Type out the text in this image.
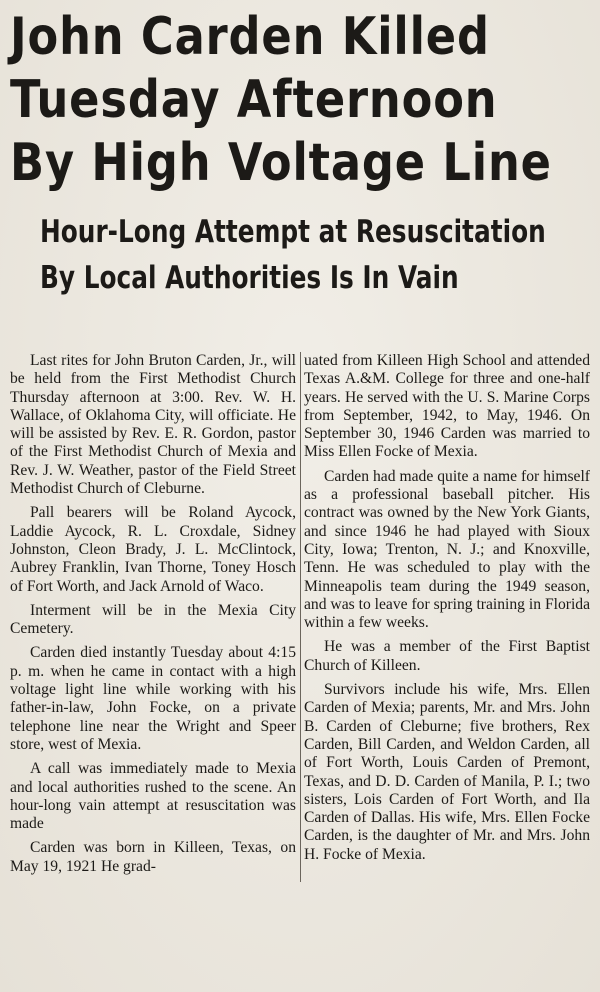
John Carden Killed
Tuesday Afternoon
By High Voltage Line
Hour-Long Attempt at Resuscitation
By Local Authorities Is In Vain

Last rites for John Bruton Carden, Jr., will be held from the First Methodist Church Thursday afternoon at 3:00. Rev. W. H. Wallace, of Oklahoma City, will officiate. He will be assisted by Rev. E. R. Gordon, pastor of the First Methodist Church of Mexia and Rev. J. W. Weather, pastor of the Field Street Methodist Church of Cleburne.

Pall bearers will be Roland Aycock, Laddie Aycock, R. L. Croxdale, Sidney Johnston, Cleon Brady, J. L. McClintock, Aubrey Franklin, Ivan Thorne, Toney Hosch of Fort Worth, and Jack Arnold of Waco.

Interment will be in the Mexia City Cemetery.

Carden died instantly Tuesday about 4:15 p. m. when he came in contact with a high voltage light line while working with his father-in-law, John Focke, on a private telephone line near the Wright and Speer store, west of Mexia.

A call was immediately made to Mexia and local authorities rushed to the scene. An hour-long vain attempt at resuscitation was made

Carden was born in Killeen, Texas, on May 19, 1921 He grad-

uated from Killeen High School and attended Texas A.&M. College for three and one-half years. He served with the U. S. Marine Corps from September, 1942, to May, 1946. On September 30, 1946 Carden was married to Miss Ellen Focke of Mexia.

Carden had made quite a name for himself as a professional baseball pitcher. His contract was owned by the New York Giants, and since 1946 he had played with Sioux City, Iowa; Trenton, N. J.; and Knoxville, Tenn. He was scheduled to play with the Minneapolis team during the 1949 season, and was to leave for spring training in Florida within a few weeks.

He was a member of the First Baptist Church of Killeen.

Survivors include his wife, Mrs. Ellen Carden of Mexia; parents, Mr. and Mrs. John B. Carden of Cleburne; five brothers, Rex Carden, Bill Carden, and Weldon Carden, all of Fort Worth, Louis Carden of Premont, Texas, and D. D. Carden of Manila, P. I.; two sisters, Lois Carden of Fort Worth, and Ila Carden of Dallas. His wife, Mrs. Ellen Focke Carden, is the daughter of Mr. and Mrs. John H. Focke of Mexia.
